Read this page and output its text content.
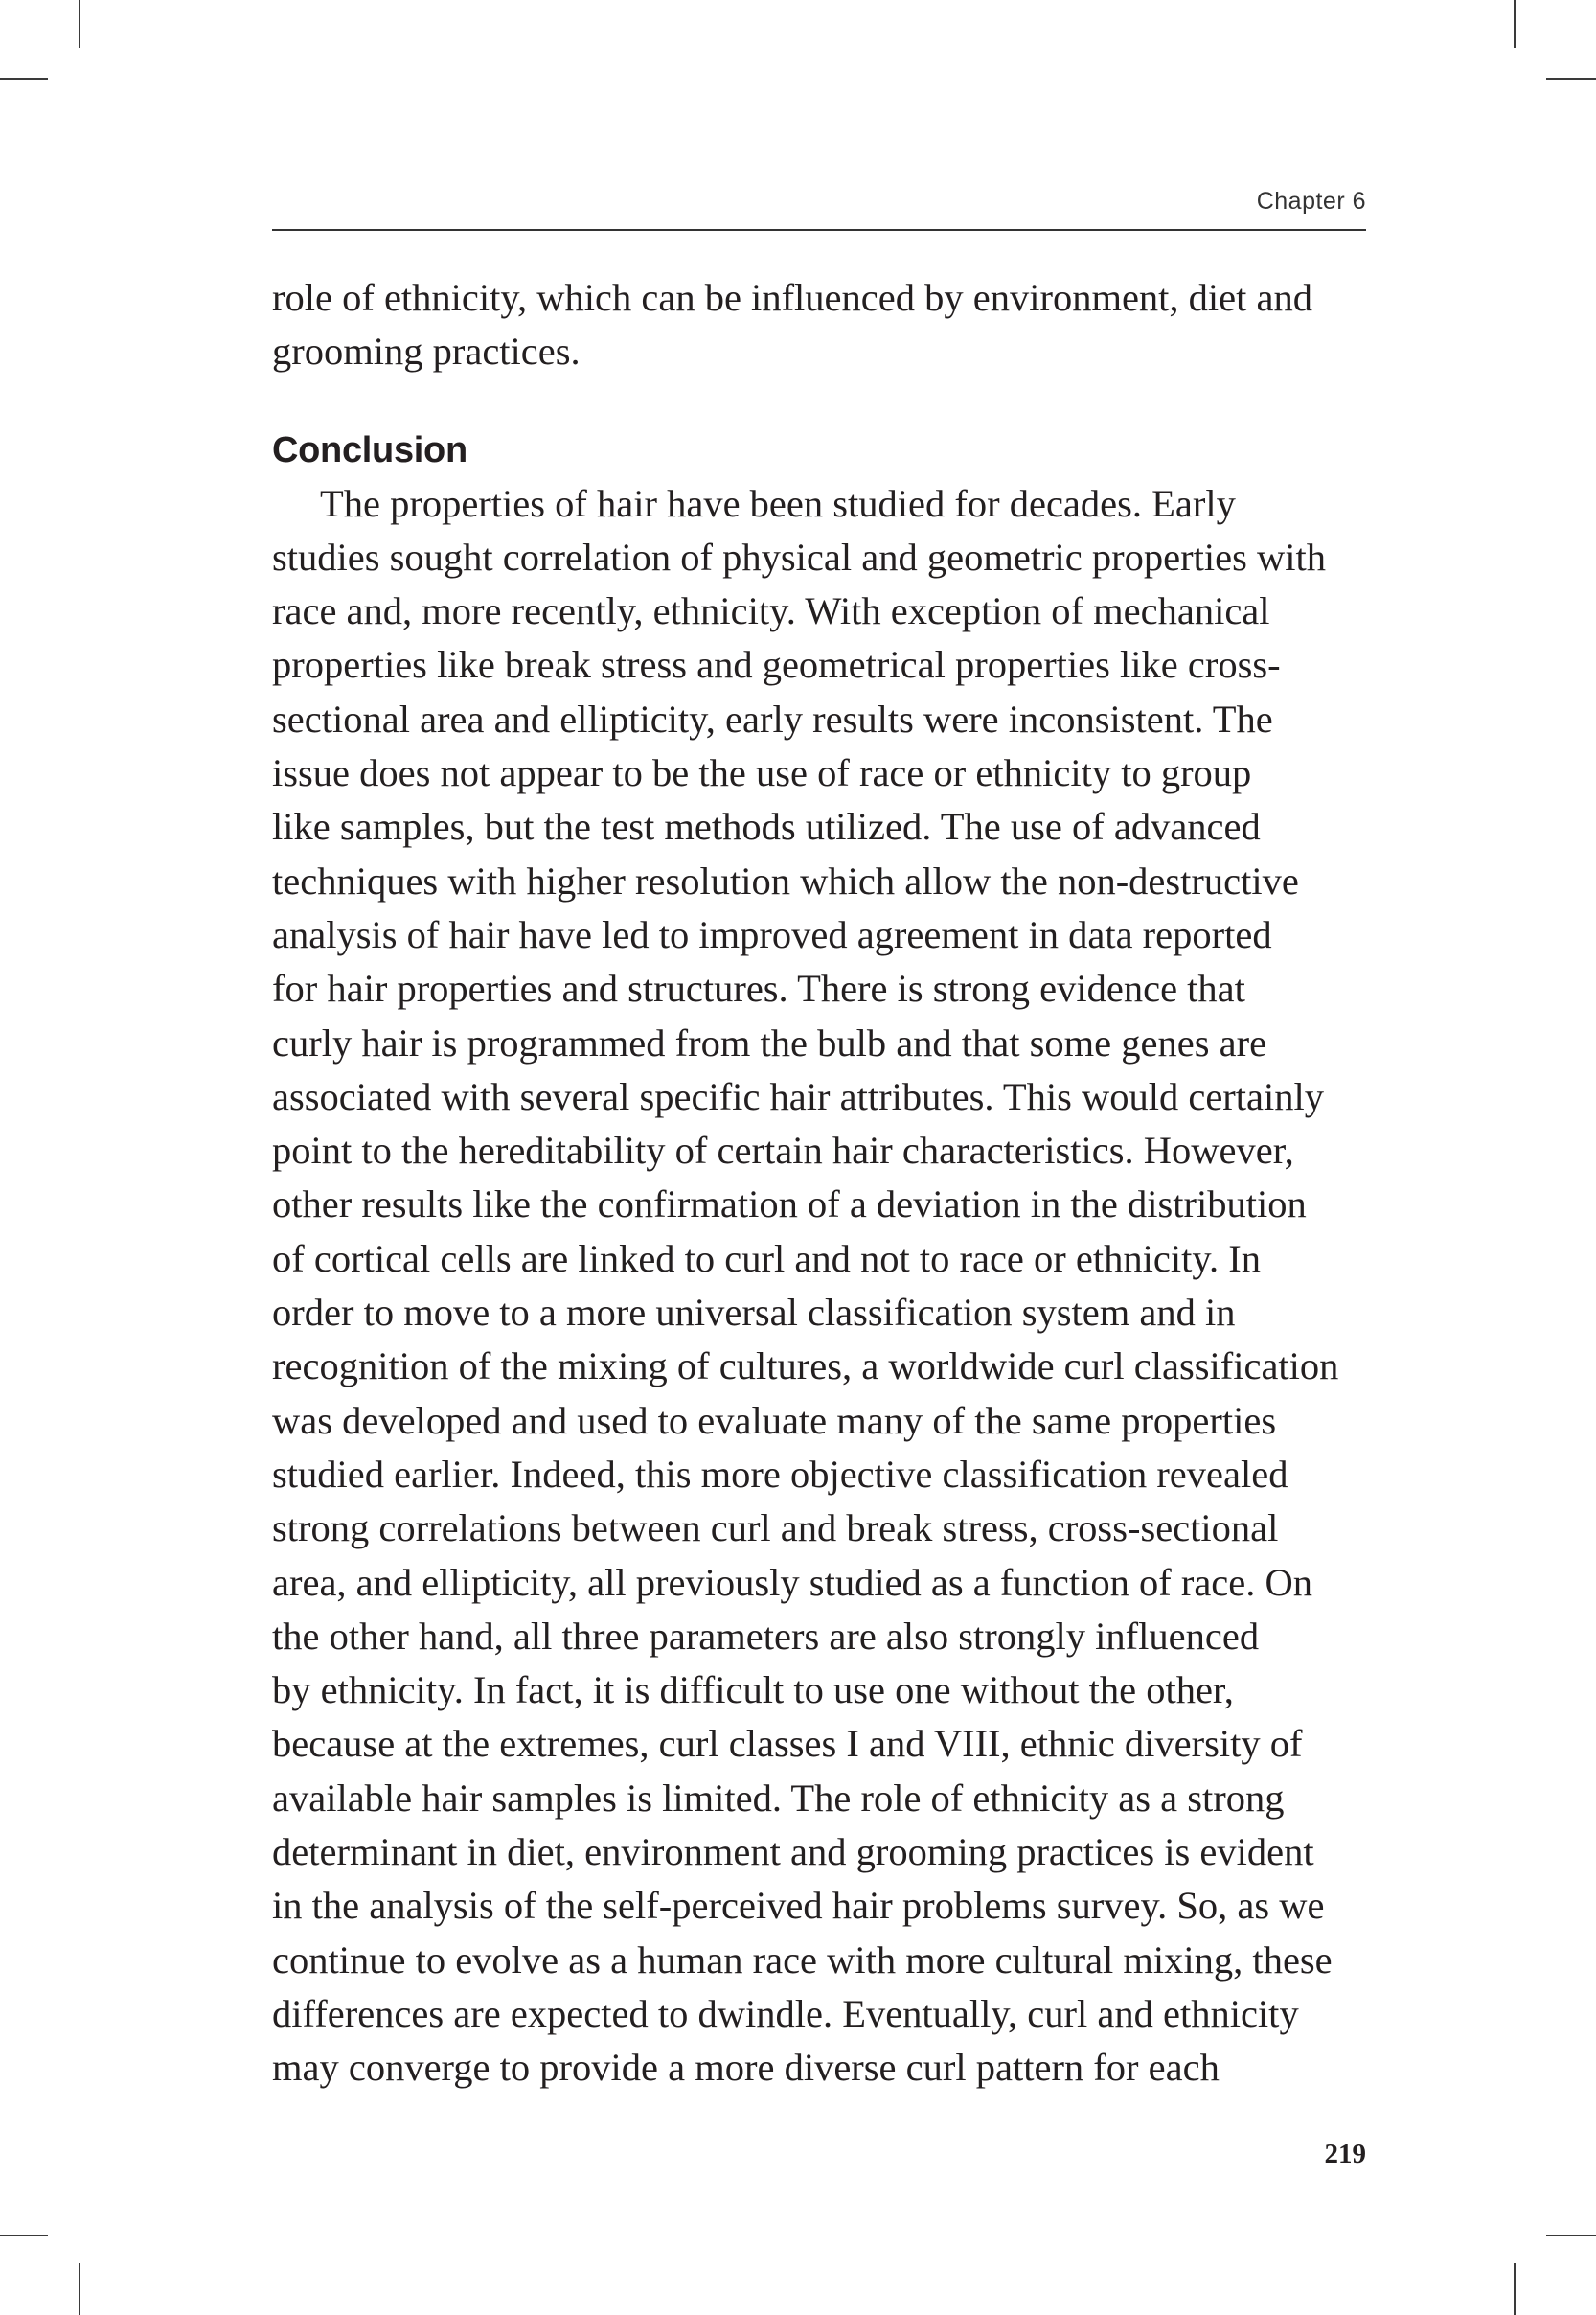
Chapter 6
role of ethnicity, which can be influenced by environment, diet and
grooming practices.
Conclusion
The properties of hair have been studied for decades. Early
studies sought correlation of physical and geometric properties with
race and, more recently, ethnicity. With exception of mechanical
properties like break stress and geometrical properties like cross-
sectional area and ellipticity, early results were inconsistent. The
issue does not appear to be the use of race or ethnicity to group
like samples, but the test methods utilized. The use of advanced
techniques with higher resolution which allow the non-destructive
analysis of hair have led to improved agreement in data reported
for hair properties and structures. There is strong evidence that
curly hair is programmed from the bulb and that some genes are
associated with several specific hair attributes. This would certainly
point to the hereditability of certain hair characteristics. However,
other results like the confirmation of a deviation in the distribution
of cortical cells are linked to curl and not to race or ethnicity. In
order to move to a more universal classification system and in
recognition of the mixing of cultures, a worldwide curl classification
was developed and used to evaluate many of the same properties
studied earlier. Indeed, this more objective classification revealed
strong correlations between curl and break stress, cross-sectional
area, and ellipticity, all previously studied as a function of race. On
the other hand, all three parameters are also strongly influenced
by ethnicity. In fact, it is difficult to use one without the other,
because at the extremes, curl classes I and VIII, ethnic diversity of
available hair samples is limited. The role of ethnicity as a strong
determinant in diet, environment and grooming practices is evident
in the analysis of the self-perceived hair problems survey. So, as we
continue to evolve as a human race with more cultural mixing, these
differences are expected to dwindle. Eventually, curl and ethnicity
may converge to provide a more diverse curl pattern for each
219
